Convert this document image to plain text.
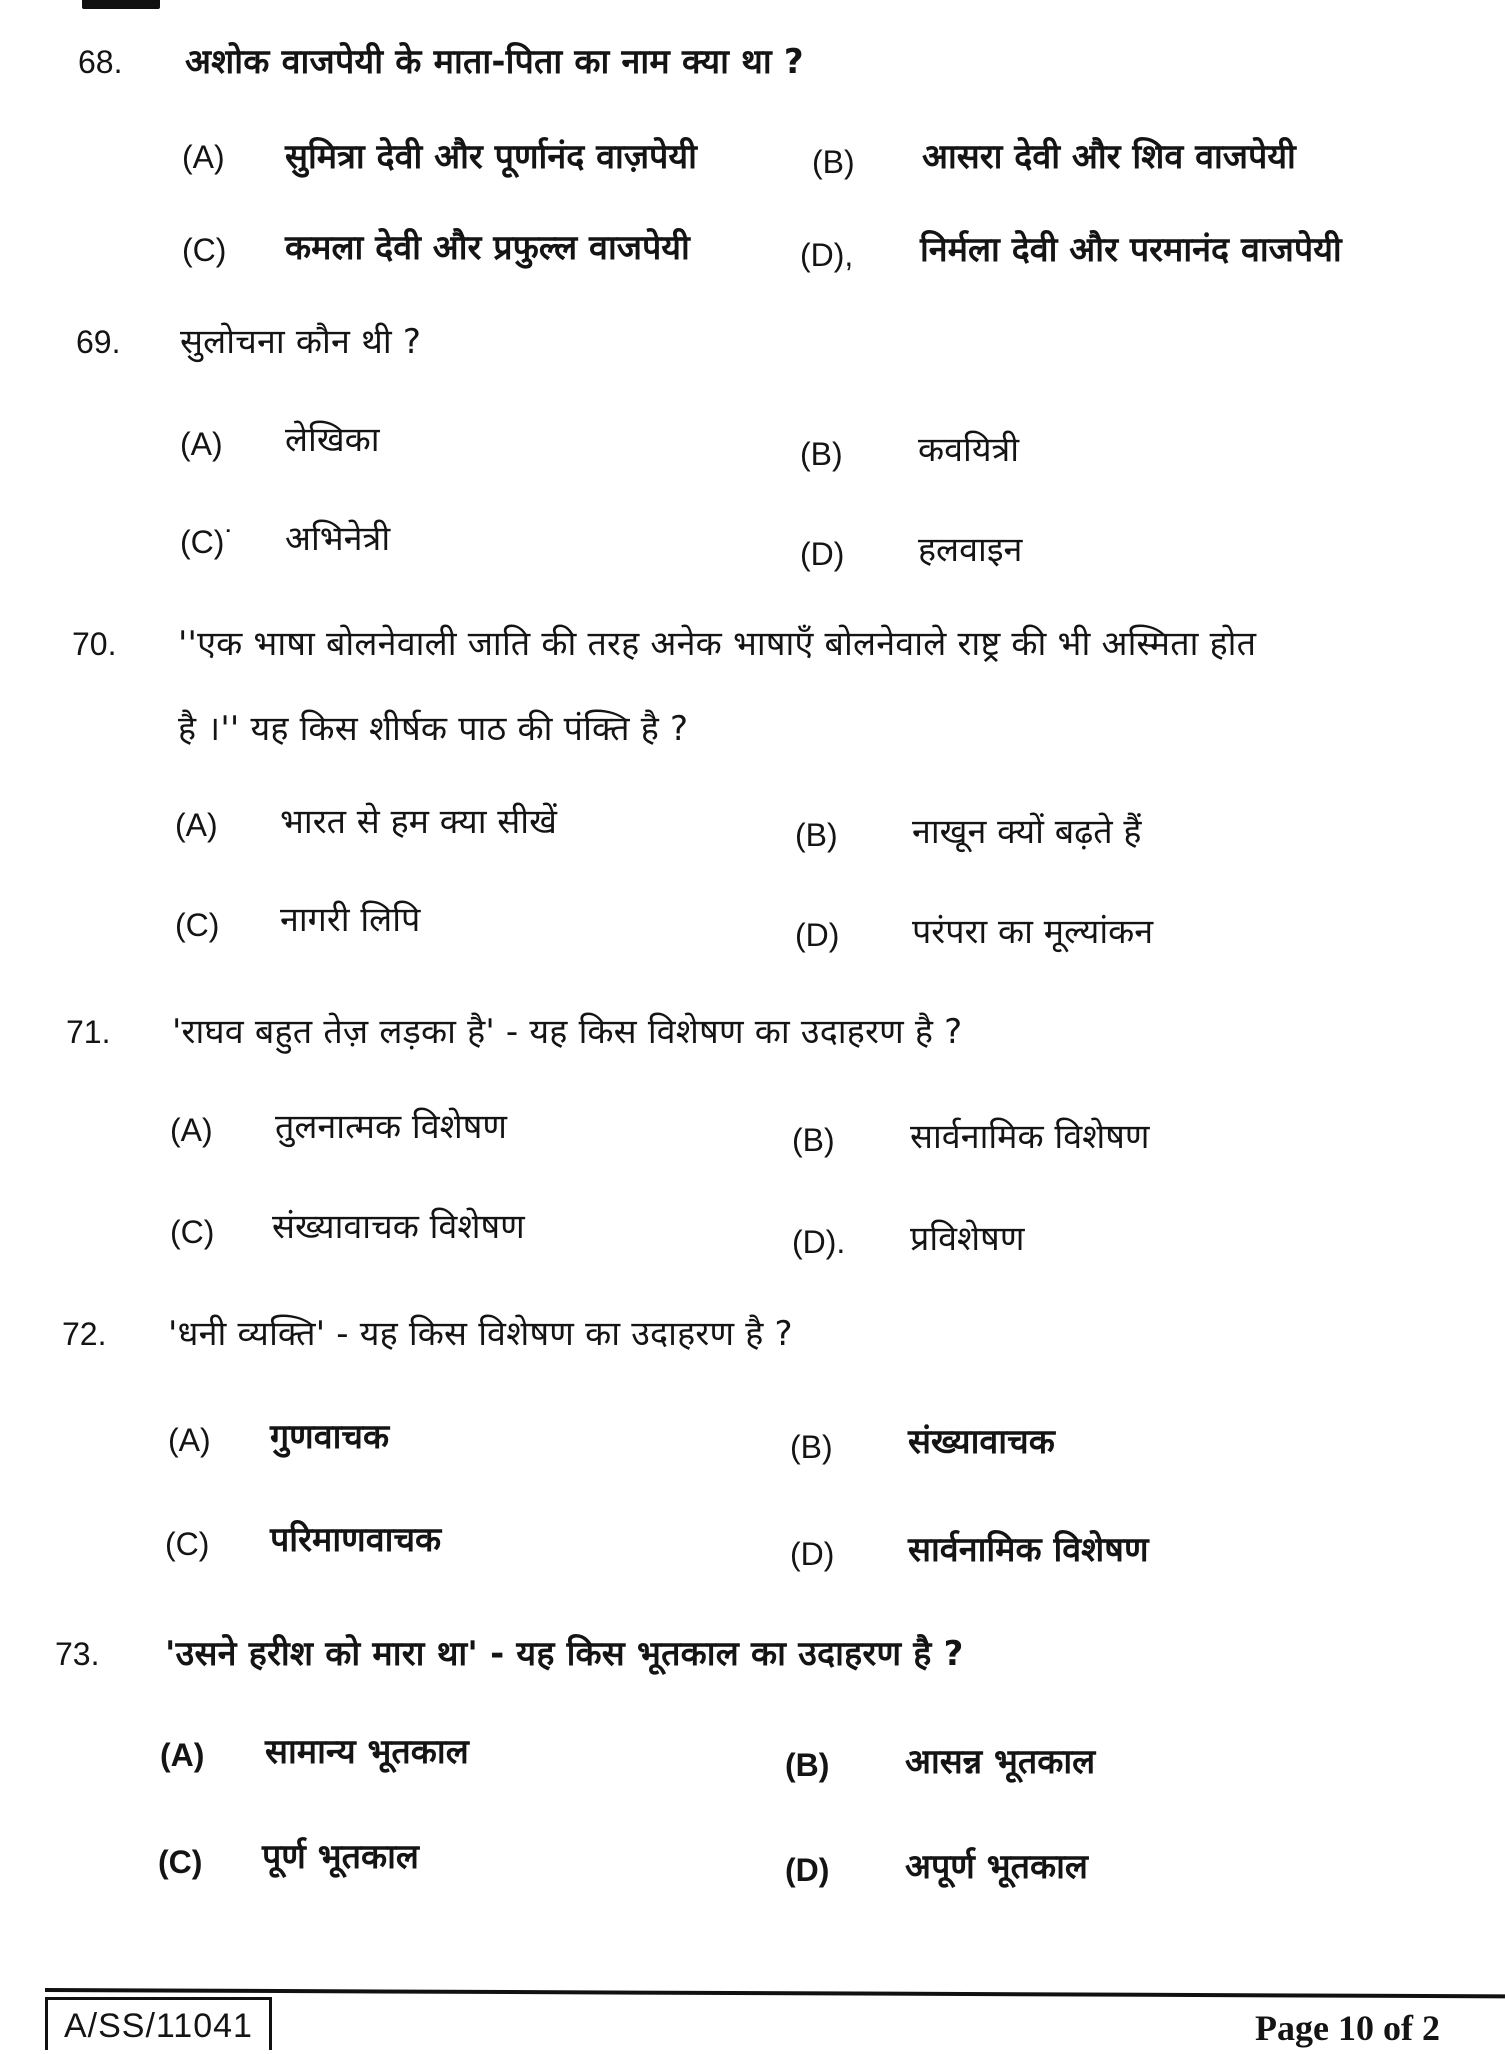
68. अशोक वाजपेयी के माता-पिता का नाम क्या था ?
(A) सुमित्रा देवी और पूर्णानंद वाज़पेयी	(B) आसरा देवी और शिव वाजपेयी
(C) कमला देवी और प्रफुल्ल वाजपेयी	(D), निर्मला देवी और परमानंद वाजपेयी
69. सुलोचना कौन थी ?
(A) लेखिका	(B) कवयित्री
(C)˙ अभिनेत्री	(D) हलवाइन
70. ''एक भाषा बोलनेवाली जाति की तरह अनेक भाषाएँ बोलनेवाले राष्ट्र की भी अस्मिता होत
है ।'' यह किस शीर्षक पाठ की पंक्ति है ?
(A) भारत से हम क्या सीखें	(B) नाखून क्यों बढ़ते हैं
(C) नागरी लिपि	(D) परंपरा का मूल्यांकन
71. 'राघव बहुत तेज़ लड़का है' - यह किस विशेषण का उदाहरण है ?
(A) तुलनात्मक विशेषण	(B) सार्वनामिक विशेषण
(C) संख्यावाचक विशेषण	(D). प्रविशेषण
72. 'धनी व्यक्ति' - यह किस विशेषण का उदाहरण है ?
(A) गुणवाचक	(B) संख्यावाचक
(C) परिमाणवाचक	(D) सार्वनामिक विशेषण
73. 'उसने हरीश को मारा था' - यह किस भूतकाल का उदाहरण है ?
(A) सामान्य भूतकाल	(B) आसन्न भूतकाल
(C) पूर्ण भूतकाल	(D) अपूर्ण भूतकाल
A/SS/11041	Page 10 of 2
